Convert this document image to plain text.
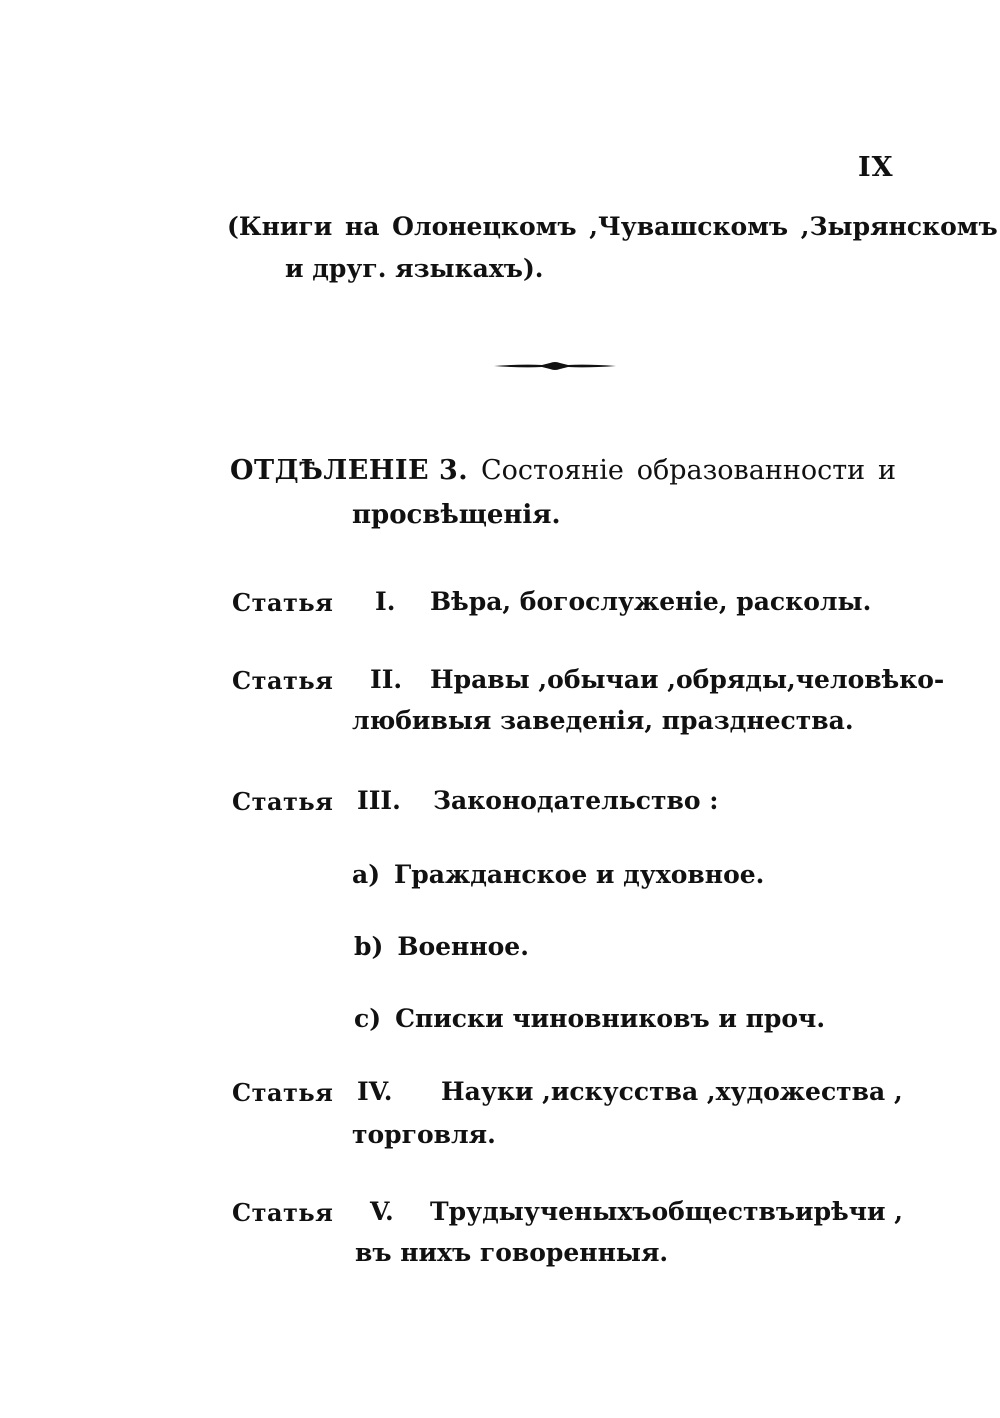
IX
(Книги на Олонецкомъ , Чувашскомъ , Зырянскомъ
и друг. языкахъ).
ОТДѢЛЕНІЕ 3. Состояніе образованности и
просвѣщенія.
Статья I. Вѣра, богослуженіе, расколы.
Статья II. Нравы , обычаи , обряды, человѣко-
любивыя заведенія, празднества.
Статья III. Законодательство :
a) Гражданское и духовное.
b) Военное.
c) Списки чиновниковъ и проч.
Статья IV. Науки , искусства , художества ,
торговля.
Статья V. Труды ученыхъ обществъ и рѣчи ,
въ нихъ говоренныя.
